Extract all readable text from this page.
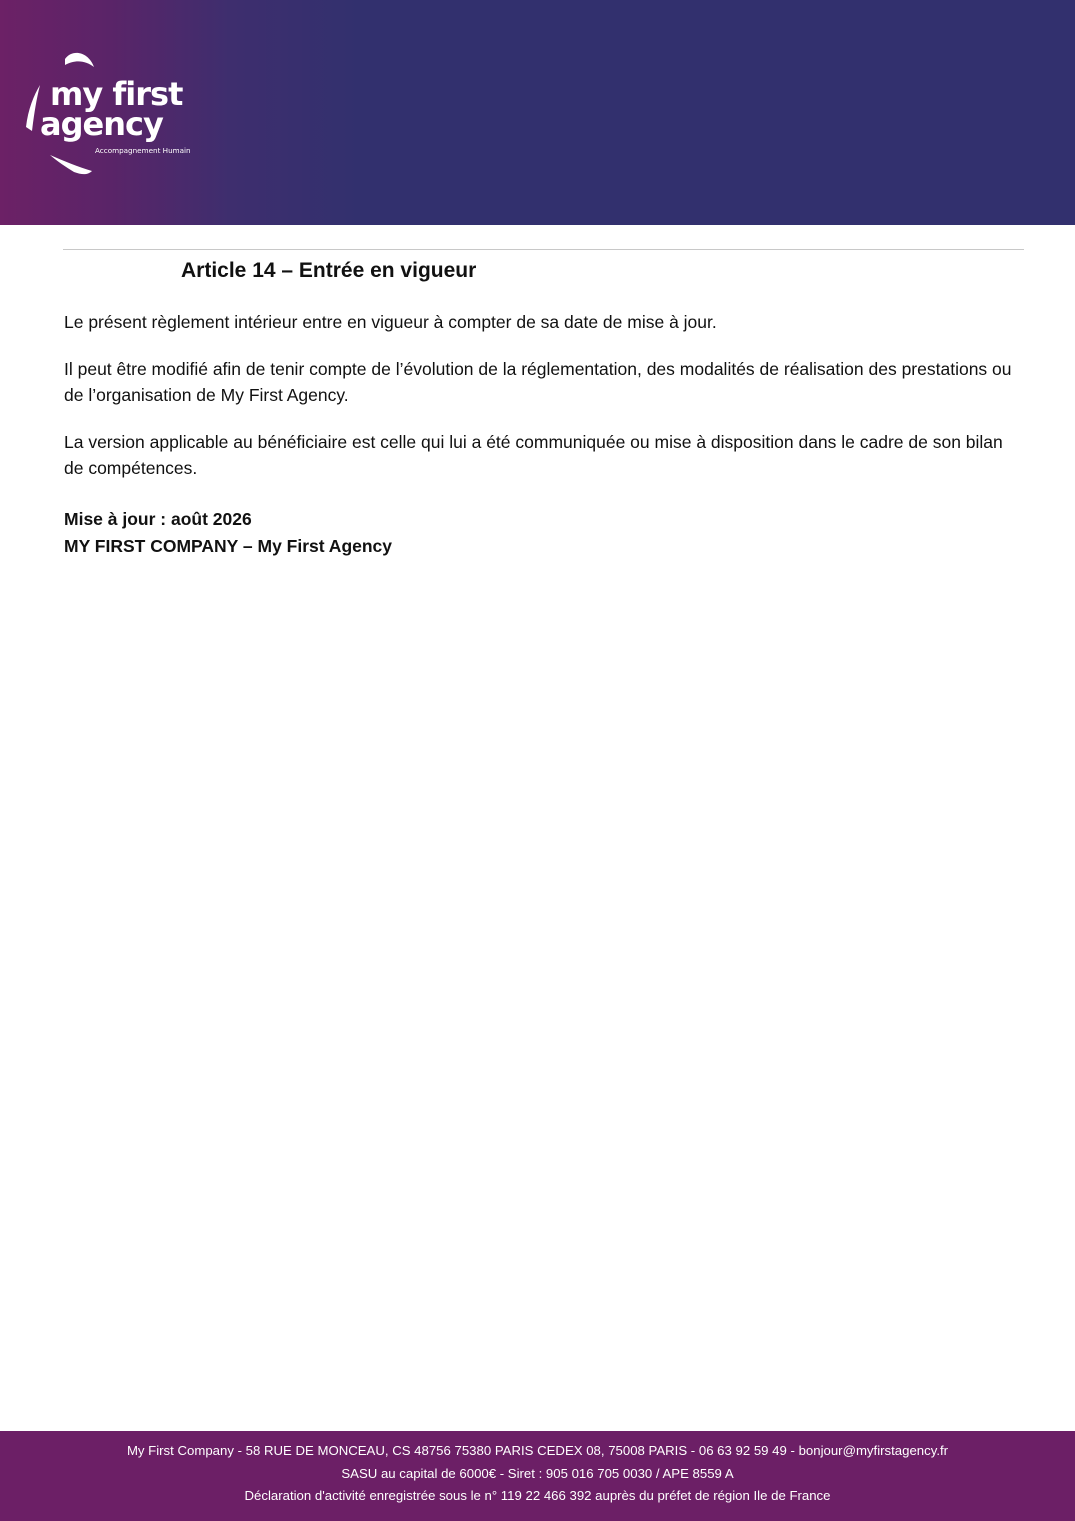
my first
agency
Accompagnement Humain
Article 14 – Entrée en vigueur

Le présent règlement intérieur entre en vigueur à compter de sa date de mise à jour.

Il peut être modifié afin de tenir compte de l’évolution de la réglementation, des modalités de réalisation des prestations ou de l’organisation de My First Agency.

La version applicable au bénéficiaire est celle qui lui a été communiquée ou mise à disposition dans le cadre de son bilan de compétences.

Mise à jour : août 2026
MY FIRST COMPANY – My First Agency
My First Company - 58 RUE DE MONCEAU, CS 48756 75380 PARIS CEDEX 08, 75008 PARIS - 06 63 92 59 49 - bonjour@myfirstagency.fr
SASU au capital de 6000€ - Siret : 905 016 705 0030 / APE 8559 A
Déclaration d'activité enregistrée sous le n° 119 22 466 392 auprès du préfet de région Ile de France
